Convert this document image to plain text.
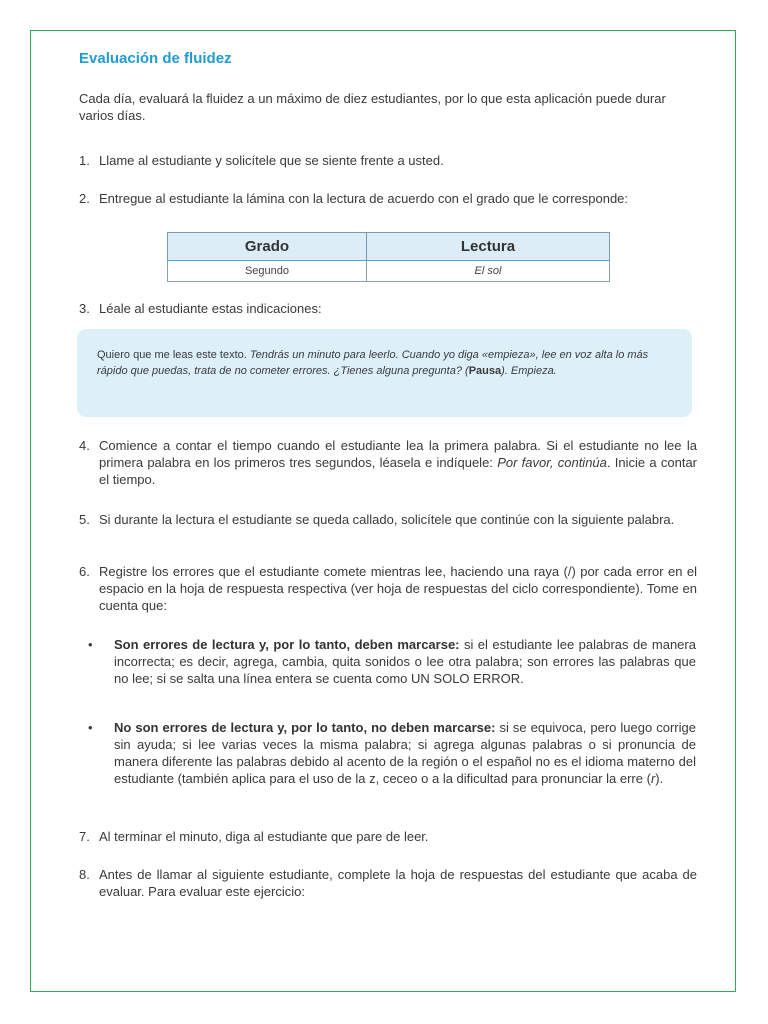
Evaluación de fluidez

Cada día, evaluará la fluidez a un máximo de diez estudiantes, por lo que esta aplicación puede durar varios días.

1. Llame al estudiante y solicítele que se siente frente a usted.
2. Entregue al estudiante la lámina con la lectura de acuerdo con el grado que le corresponde:
Grado	Lectura
Segundo	El sol
3. Léale al estudiante estas indicaciones:
Quiero que me leas este texto. Tendrás un minuto para leerlo. Cuando yo diga «empieza», lee en voz alta lo más rápido que puedas, trata de no cometer errores. ¿Tienes alguna pregunta? (Pausa). Empieza.
4. Comience a contar el tiempo cuando el estudiante lea la primera palabra. Si el estudiante no lee la primera palabra en los primeros tres segundos, léasela e indíquele: Por favor, continúa. Inicie a contar el tiempo.
5. Si durante la lectura el estudiante se queda callado, solicítele que continúe con la siguiente palabra.
6. Registre los errores que el estudiante comete mientras lee, haciendo una raya (/) por cada error en el espacio en la hoja de respuesta respectiva (ver hoja de respuestas del ciclo correspondiente). Tome en cuenta que:
• Son errores de lectura y, por lo tanto, deben marcarse: si el estudiante lee palabras de manera incorrecta; es decir, agrega, cambia, quita sonidos o lee otra palabra; son errores las palabras que no lee; si se salta una línea entera se cuenta como UN SOLO ERROR.
• No son errores de lectura y, por lo tanto, no deben marcarse: si se equivoca, pero luego corrige sin ayuda; si lee varias veces la misma palabra; si agrega algunas palabras o si pronuncia de manera diferente las palabras debido al acento de la región o el español no es el idioma materno del estudiante (también aplica para el uso de la z, ceceo o a la dificultad para pronunciar la erre (r).
7. Al terminar el minuto, diga al estudiante que pare de leer.
8. Antes de llamar al siguiente estudiante, complete la hoja de respuestas del estudiante que acaba de evaluar. Para evaluar este ejercicio:
